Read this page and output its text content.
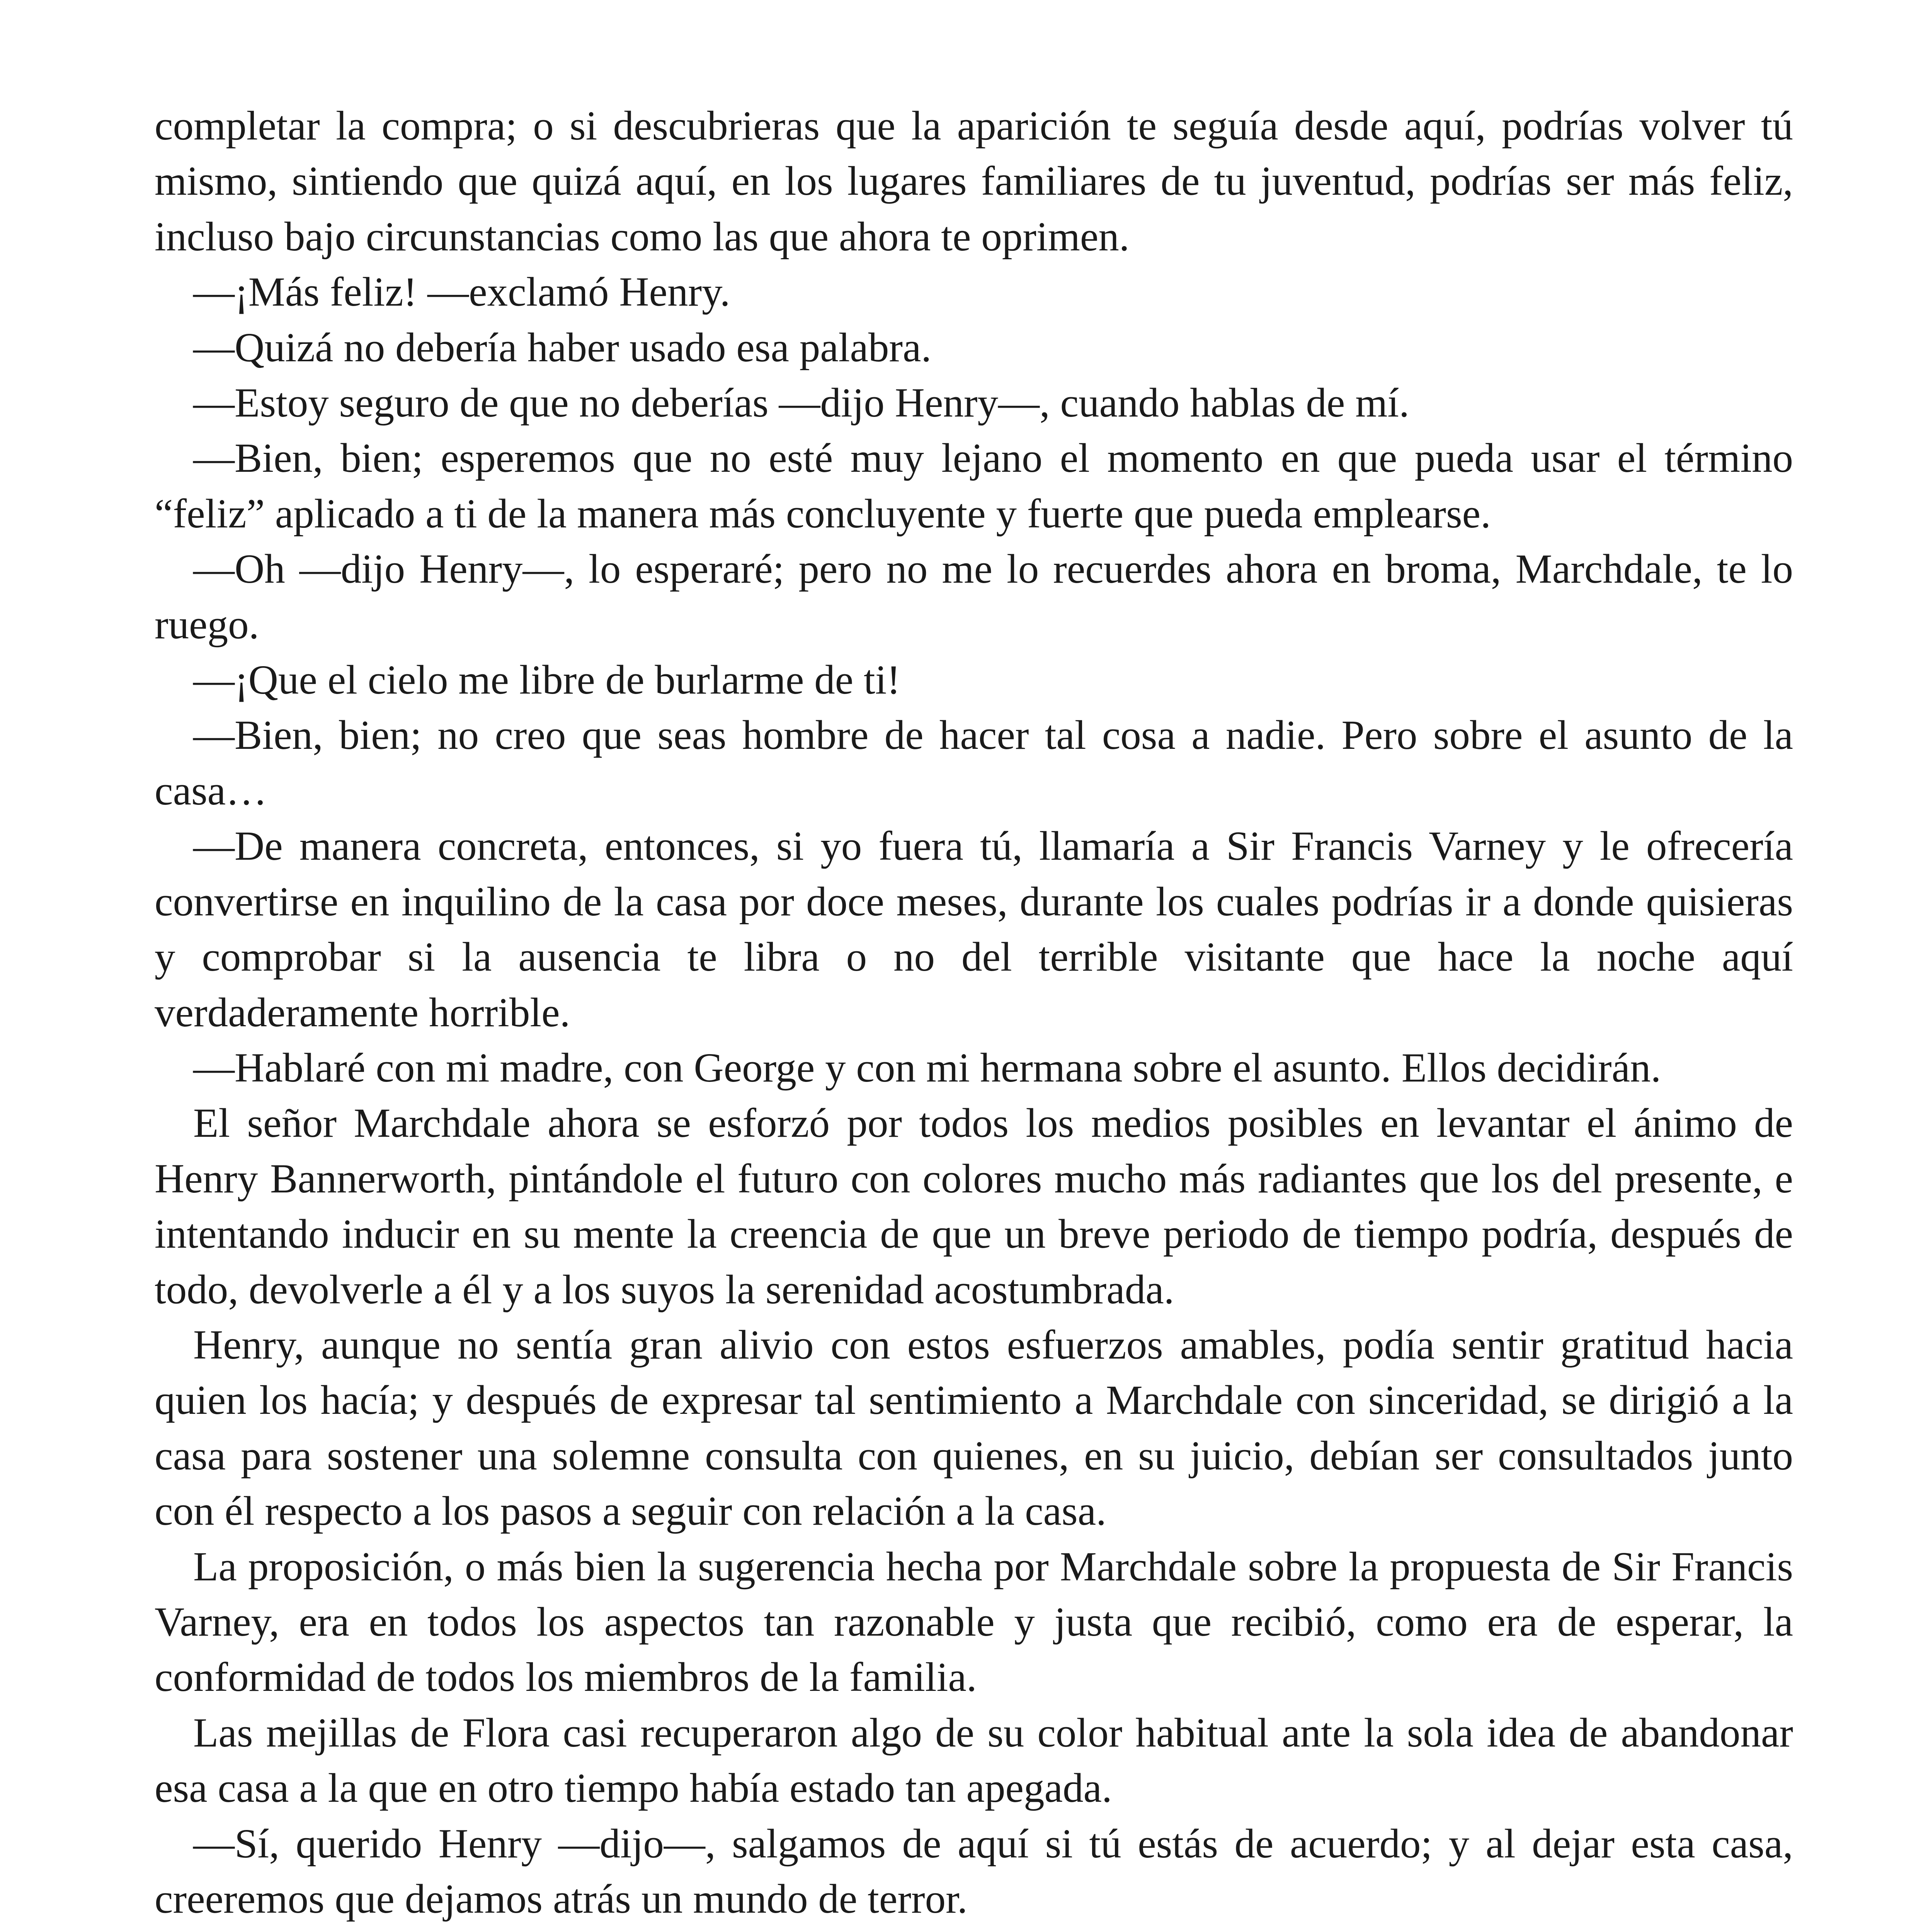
completar la compra; o si descubrieras que la aparición te seguía desde aquí, podrías volver tú mismo, sintiendo que quizá aquí, en los lugares familiares de tu juventud, podrías ser más feliz, incluso bajo circunstancias como las que ahora te oprimen.

—¡Más feliz! —exclamó Henry.

—Quizá no debería haber usado esa palabra.

—Estoy seguro de que no deberías —dijo Henry—, cuando hablas de mí.

—Bien, bien; esperemos que no esté muy lejano el momento en que pueda usar el término “feliz” aplicado a ti de la manera más concluyente y fuerte que pueda emplearse.

—Oh —dijo Henry—, lo esperaré; pero no me lo recuerdes ahora en broma, Marchdale, te lo ruego.

—¡Que el cielo me libre de burlarme de ti!

—Bien, bien; no creo que seas hombre de hacer tal cosa a nadie. Pero sobre el asunto de la casa…

—De manera concreta, entonces, si yo fuera tú, llamaría a Sir Francis Varney y le ofrecería convertirse en inquilino de la casa por doce meses, durante los cuales podrías ir a donde quisieras y comprobar si la ausencia te libra o no del terrible visitante que hace la noche aquí verdaderamente horrible.

—Hablaré con mi madre, con George y con mi hermana sobre el asunto. Ellos decidirán.

El señor Marchdale ahora se esforzó por todos los medios posibles en levantar el ánimo de Henry Bannerworth, pintándole el futuro con colores mucho más radiantes que los del presente, e intentando inducir en su mente la creencia de que un breve periodo de tiempo podría, después de todo, devolverle a él y a los suyos la serenidad acostumbrada.

Henry, aunque no sentía gran alivio con estos esfuerzos amables, podía sentir gratitud hacia quien los hacía; y después de expresar tal sentimiento a Marchdale con sinceridad, se dirigió a la casa para sostener una solemne consulta con quienes, en su juicio, debían ser consultados junto con él respecto a los pasos a seguir con relación a la casa.

La proposición, o más bien la sugerencia hecha por Marchdale sobre la propuesta de Sir Francis Varney, era en todos los aspectos tan razonable y justa que recibió, como era de esperar, la conformidad de todos los miembros de la familia.

Las mejillas de Flora casi recuperaron algo de su color habitual ante la sola idea de abandonar esa casa a la que en otro tiempo había estado tan apegada.

—Sí, querido Henry —dijo—, salgamos de aquí si tú estás de acuerdo; y al dejar esta casa, creeremos que dejamos atrás un mundo de terror.
